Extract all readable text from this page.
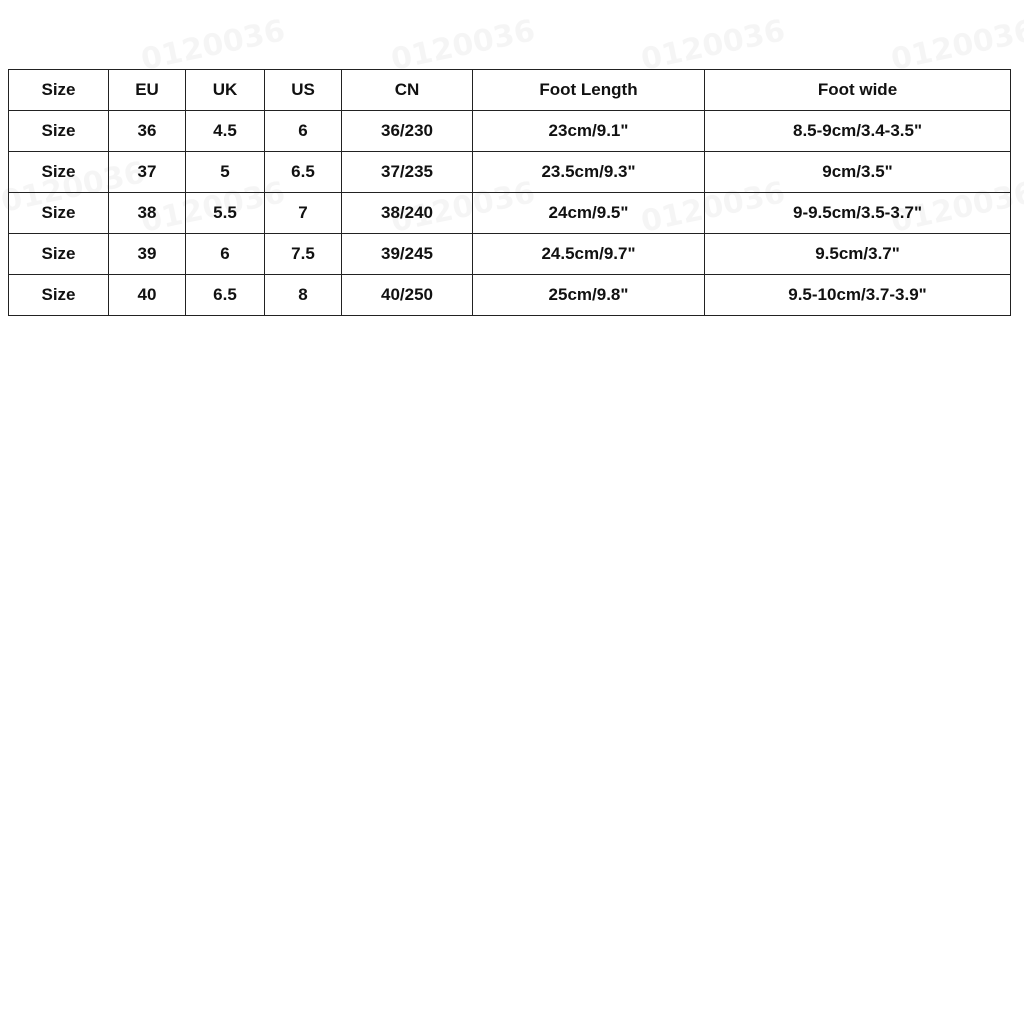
Size	EU	UK	US	CN	Foot Length	Foot wide
Size	36	4.5	6	36/230	23cm/9.1"	8.5-9cm/3.4-3.5"
Size	37	5	6.5	37/235	23.5cm/9.3"	9cm/3.5"
Size	38	5.5	7	38/240	24cm/9.5"	9-9.5cm/3.5-3.7"
Size	39	6	7.5	39/245	24.5cm/9.7"	9.5cm/3.7"
Size	40	6.5	8	40/250	25cm/9.8"	9.5-10cm/3.7-3.9"
